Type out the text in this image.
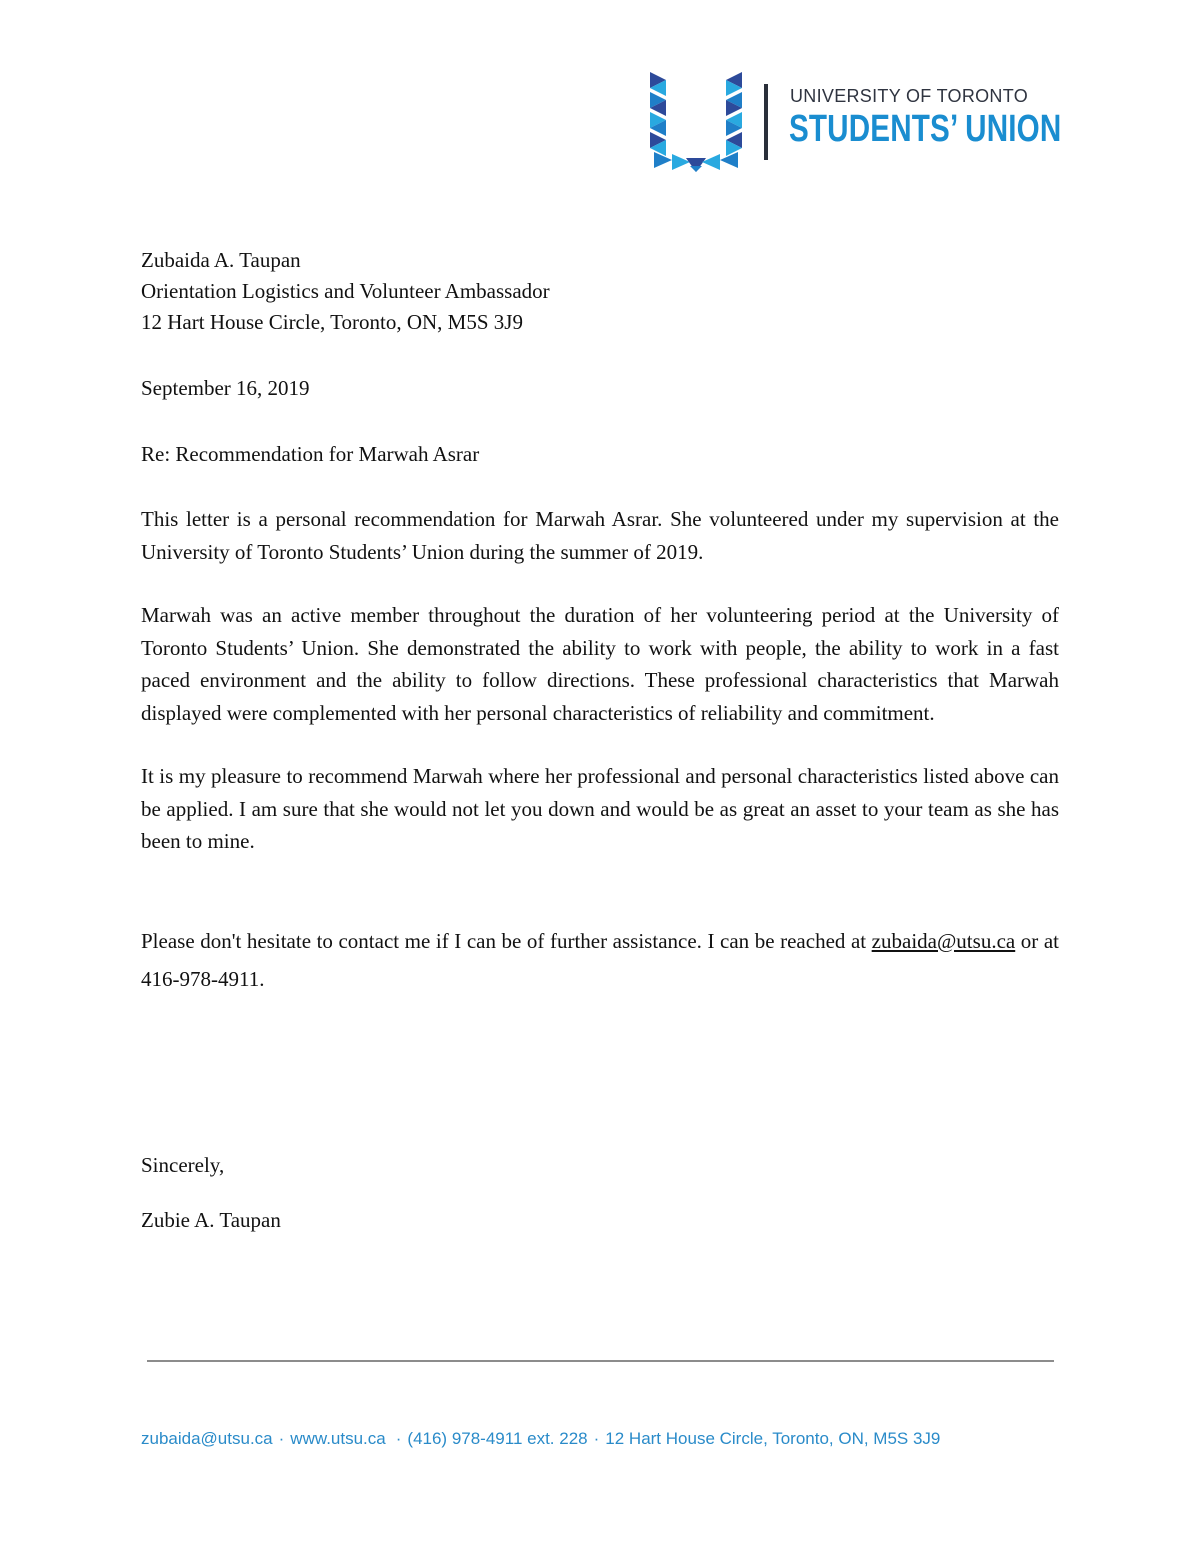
UNIVERSITY OF TORONTO
STUDENTS’ UNION

Zubaida A. Taupan

Orientation Logistics and Volunteer Ambassador

12 Hart House Circle, Toronto, ON, M5S 3J9

September 16, 2019

Re: Recommendation for Marwah Asrar

This letter is a personal recommendation for Marwah Asrar. She volunteered under my supervision at the University of Toronto Students’ Union during the summer of 2019.

Marwah was an active member throughout the duration of her volunteering period at the University of Toronto Students’ Union. She demonstrated the ability to work with people, the ability to work in a fast paced environment and the ability to follow directions. These professional characteristics that Marwah displayed were complemented with her personal characteristics of reliability and commitment.

It is my pleasure to recommend Marwah where her professional and personal characteristics listed above can be applied. I am sure that she would not let you down and would be as great an asset to your team as she has been to mine.

Please don't hesitate to contact me if I can be of further assistance. I can be reached at zubaida@utsu.ca or at 416-978-4911.

Sincerely,

Zubie A. Taupan

zubaida@utsu.ca · www.utsu.ca · (416) 978-4911 ext. 228 · 12 Hart House Circle, Toronto, ON, M5S 3J9
